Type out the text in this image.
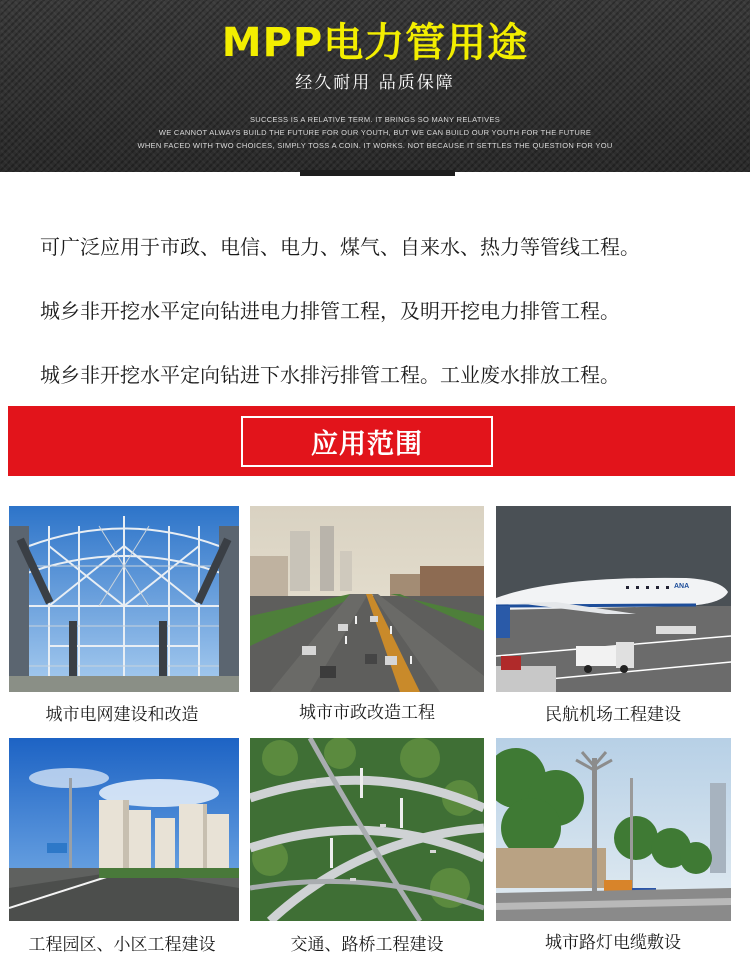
MPP电力管用途
经久耐用 品质保障
SUCCESS IS A RELATIVE TERM. IT BRINGS SO MANY RELATIVES
WE CANNOT ALWAYS BUILD THE FUTURE FOR OUR YOUTH, BUT WE CAN BUILD OUR YOUTH FOR THE FUTURE
WHEN FACED WITH TWO CHOICES, SIMPLY TOSS A COIN. IT WORKS. NOT BECAUSE IT SETTLES THE QUESTION FOR YOU
可广泛应用于市政、电信、电力、煤气、自来水、热力等管线工程。
城乡非开挖水平定向钻进电力排管工程，及明开挖电力排管工程。
城乡非开挖水平定向钻进下水排污排管工程。工业废水排放工程。
应用范围
城市电网建设和改造	城市市政改造工程
ANA
民航机场工程建设
工程园区、小区工程建设	交通、路桥工程建设	城市路灯电缆敷设
